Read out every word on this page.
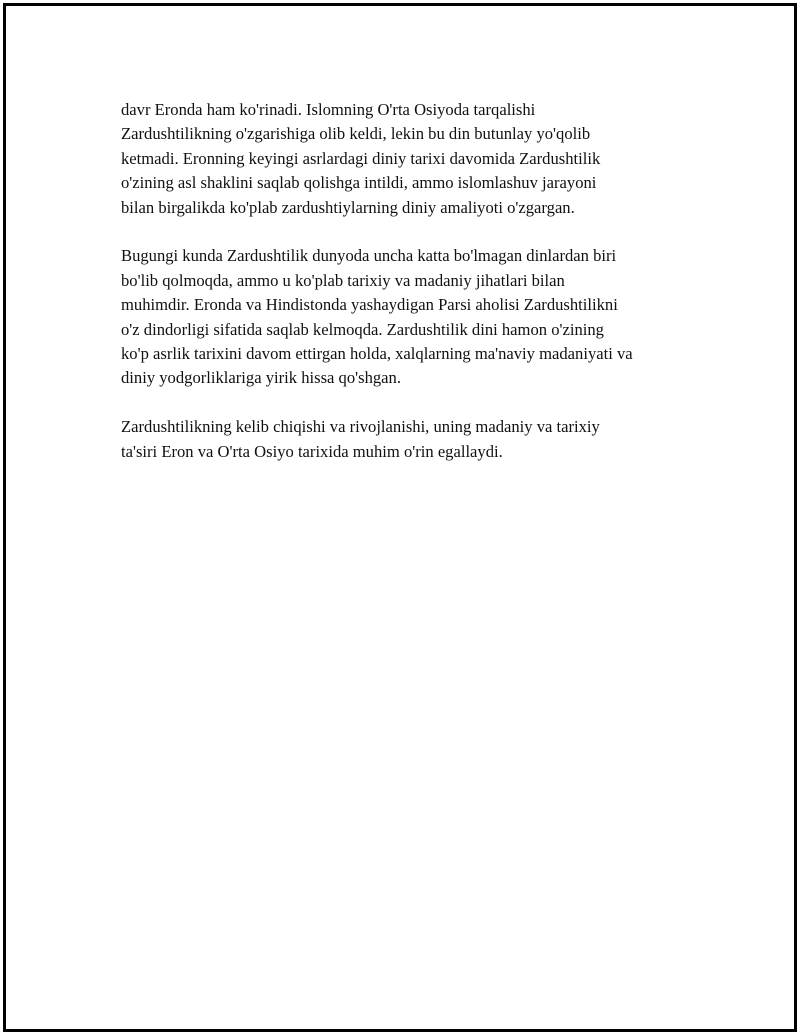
davr Eronda ham ko'rinadi. Islomning O'rta Osiyoda tarqalishi
Zardushtilikning o'zgarishiga olib keldi, lekin bu din butunlay yo'qolib
ketmadi. Eronning keyingi asrlardagi diniy tarixi davomida Zardushtilik
o'zining asl shaklini saqlab qolishga intildi, ammo islomlashuv jarayoni
bilan birgalikda ko'plab zardushtiylarning diniy amaliyoti o'zgargan.

Bugungi kunda Zardushtilik dunyoda uncha katta bo'lmagan dinlardan biri
bo'lib qolmoqda, ammo u ko'plab tarixiy va madaniy jihatlari bilan
muhimdir. Eronda va Hindistonda yashaydigan Parsi aholisi Zardushtilikni
o'z dindorligi sifatida saqlab kelmoqda. Zardushtilik dini hamon o'zining
ko'p asrlik tarixini davom ettirgan holda, xalqlarning ma'naviy madaniyati va
diniy yodgorliklariga yirik hissa qo'shgan.

Zardushtilikning kelib chiqishi va rivojlanishi, uning madaniy va tarixiy
ta'siri Eron va O'rta Osiyo tarixida muhim o'rin egallaydi.
